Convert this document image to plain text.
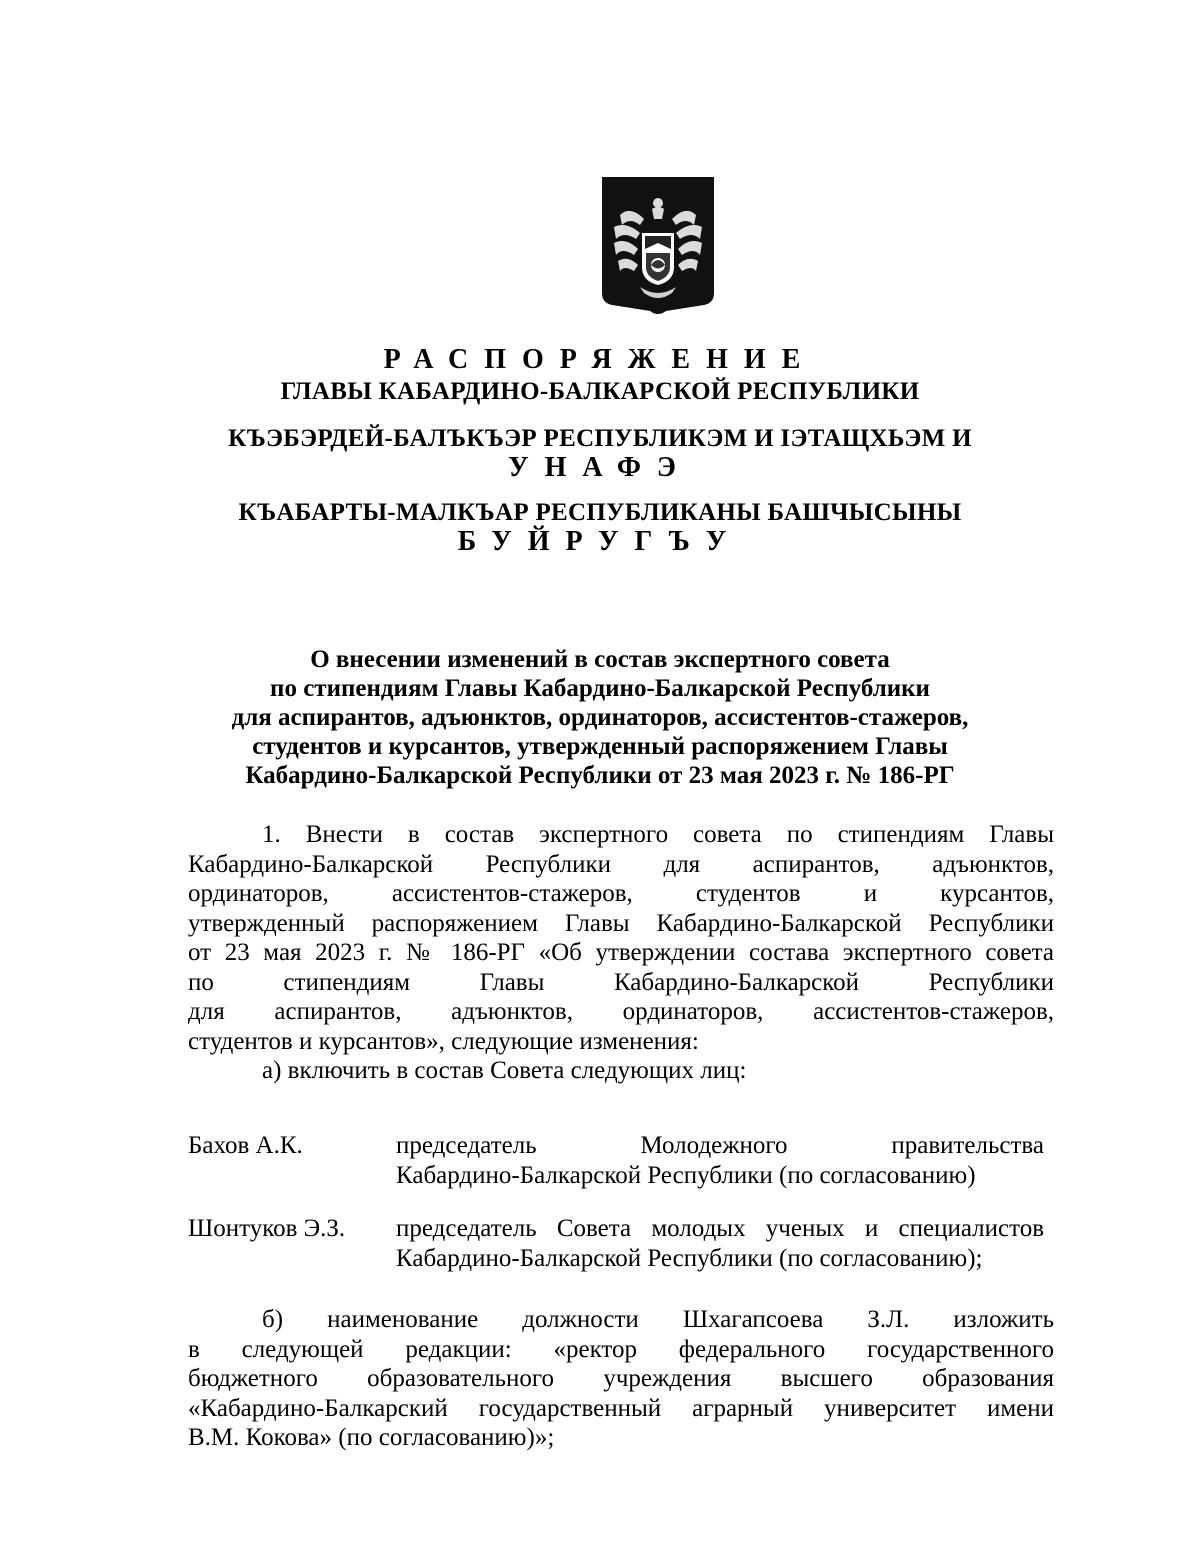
РАСПОРЯЖЕНИЕ
ГЛАВЫ КАБАРДИНО-БАЛКАРСКОЙ РЕСПУБЛИКИ
КЪЭБЭРДЕЙ-БАЛЪКЪЭР РЕСПУБЛИКЭМ И ІЭТАЩХЬЭМ И
УНАФЭ
КЪАБАРТЫ-МАЛКЪАР РЕСПУБЛИКАНЫ БАШЧЫСЫНЫ
БУЙРУГЪУ
О внесении изменений в состав экспертного совета
по стипендиям Главы Кабардино-Балкарской Республики
для аспирантов, адъюнктов, ординаторов, ассистентов-стажеров,
студентов и курсантов, утвержденный распоряжением Главы
Кабардино-Балкарской Республики от 23 мая 2023 г. № 186-РГ
1. Внести в состав экспертного совета по стипендиям Главы
Кабардино-Балкарской Республики для аспирантов, адъюнктов,
ординаторов, ассистентов-стажеров, студентов и курсантов,
утвержденный распоряжением Главы Кабардино-Балкарской Республики
от 23 мая 2023 г. № 186-РГ «Об утверждении состава экспертного совета
по стипендиям Главы Кабардино-Балкарской Республики
для аспирантов, адъюнктов, ординаторов, ассистентов-стажеров,
студентов и курсантов», следующие изменения:
а) включить в состав Совета следующих лиц:
Бахов А.К.	председатель Молодежного правительства
Кабардино-Балкарской Республики (по согласованию)
Шонтуков Э.З. председатель Совета молодых ученых и специалистов
Кабардино-Балкарской Республики (по согласованию);
б) наименование должности Шхагапсоева З.Л. изложить
в следующей редакции: «ректор федерального государственного
бюджетного образовательного учреждения высшего образования
«Кабардино-Балкарский государственный аграрный университет имени
В.М. Кокова» (по согласованию)»;
